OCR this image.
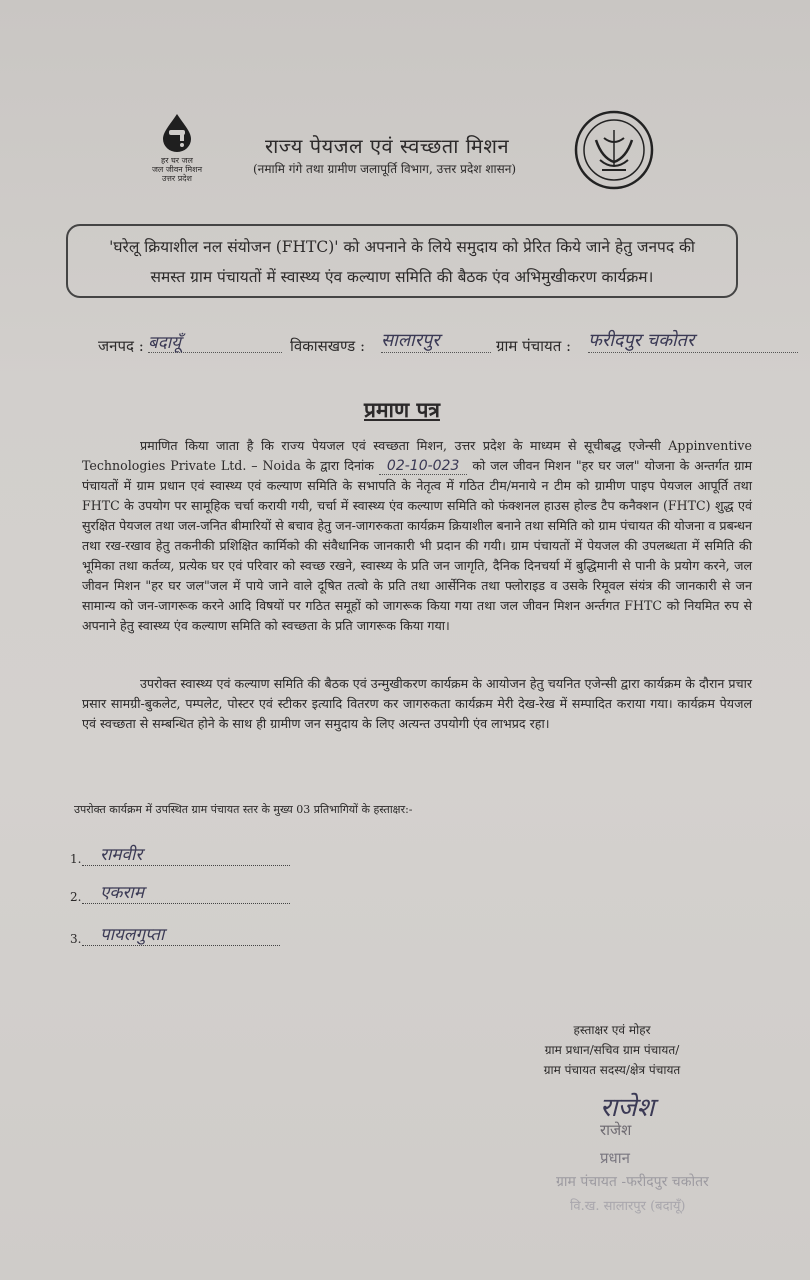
हर घर जल
जल जीवन मिशन
उत्तर प्रदेश
राज्य पेयजल एवं स्वच्छता मिशन
(नमामि गंगे तथा ग्रामीण जलापूर्ति विभाग, उत्तर प्रदेश शासन)
'घरेलू क्रियाशील नल संयोजन (FHTC)' को अपनाने के लिये समुदाय को प्रेरित किये जाने हेतु जनपद की
समस्त ग्राम पंचायतों में स्वास्थ्य एंव कल्याण समिति की बैठक एंव अभिमुखीकरण कार्यक्रम।
जनपद : बदायूँ	विकासखण्ड : सालारपुर	ग्राम पंचायत : फरीदपुर चकोतर
प्रमाण पत्र
प्रमाणित किया जाता है कि राज्य पेयजल एवं स्वच्छता मिशन, उत्तर प्रदेश के माध्यम से सूचीबद्ध एजेन्सी Appinventive Technologies Private Ltd. – Noida के द्वारा दिनांक 02-10-023 को जल जीवन मिशन "हर घर जल" योजना के अन्तर्गत ग्राम पंचायतों में ग्राम प्रधान एवं स्वास्थ्य एवं कल्याण समिति के सभापति के नेतृत्व में गठित टीम/मनाये न टीम को ग्रामीण पाइप पेयजल आपूर्ति तथा FHTC के उपयोग पर सामूहिक चर्चा करायी गयी, चर्चा में स्वास्थ्य एंव कल्याण समिति को फंक्शनल हाउस होल्ड टैप कनैक्शन (FHTC) शुद्ध एवं सुरक्षित पेयजल तथा जल-जनित बीमारियों से बचाव हेतु जन-जागरुकता कार्यक्रम क्रियाशील बनाने तथा समिति को ग्राम पंचायत की योजना व प्रबन्धन तथा रख-रखाव हेतु तकनीकी प्रशिक्षित कार्मिको की संवैधानिक जानकारी भी प्रदान की गयी। ग्राम पंचायतों में पेयजल की उपलब्धता में समिति की भूमिका तथा कर्तव्य, प्रत्येक घर एवं परिवार को स्वच्छ रखने, स्वास्थ्य के प्रति जन जागृति, दैनिक दिनचर्या में बुद्धिमानी से पानी के प्रयोग करने, जल जीवन मिशन "हर घर जल"जल में पाये जाने वाले दूषित तत्वो के प्रति तथा आर्सेनिक तथा फ्लोराइड व उसके रिमूवल संयंत्र की जानकारी से जन सामान्य को जन-जागरूक करने आदि विषयों पर गठित समूहों को जागरूक किया गया तथा जल जीवन मिशन अर्न्तगत FHTC को नियमित रुप से अपनाने हेतु स्वास्थ्य एंव कल्याण समिति को स्वच्छता के प्रति जागरूक किया गया।
उपरोक्त स्वास्थ्य एवं कल्याण समिति की बैठक एवं उन्मुखीकरण कार्यक्रम के आयोजन हेतु चयनित एजेन्सी द्वारा कार्यक्रम के दौरान प्रचार प्रसार सामग्री-बुकलेट, पम्पलेट, पोस्टर एवं स्टीकर इत्यादि वितरण कर जागरुकता कार्यक्रम मेरी देख-रेख में सम्पादित कराया गया। कार्यक्रम पेयजल एवं स्वच्छता से सम्बन्धित होने के साथ ही ग्रामीण जन समुदाय के लिए अत्यन्त उपयोगी एंव लाभप्रद रहा।
उपरोक्त कार्यक्रम में उपस्थित ग्राम पंचायत स्तर के मुख्य 03 प्रतिभागियों के हस्ताक्षर:-
1. रामवीर
2. एकराम
3. पायलगुप्ता
हस्ताक्षर एवं मोहर
ग्राम प्रधान/सचिव ग्राम पंचायत/
ग्राम पंचायत सदस्य/क्षेत्र पंचायत
राजेश
राजेश
प्रधान
ग्राम पंचायत -फरीदपुर चकोतर
वि.ख. सालारपुर (बदायूँ)
